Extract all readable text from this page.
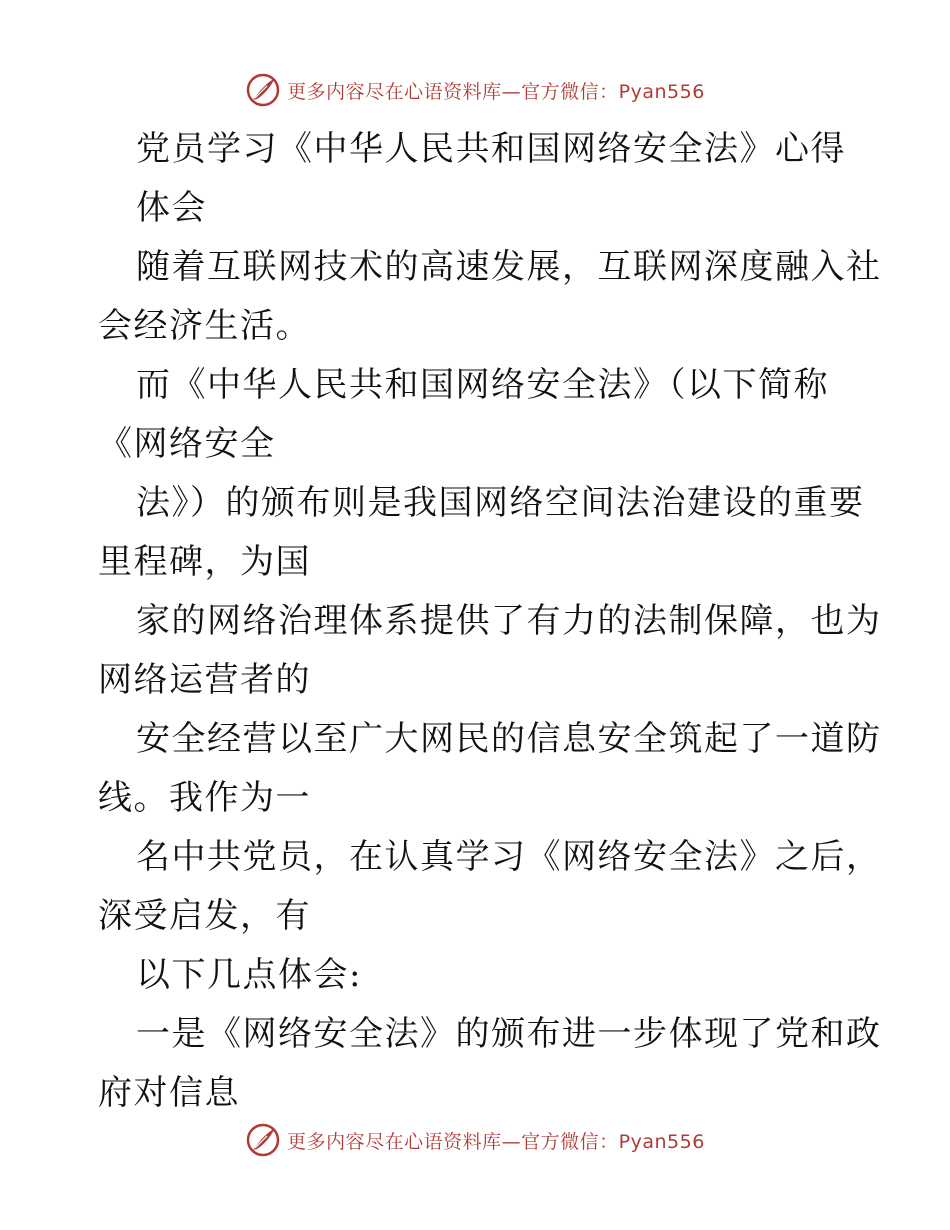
更多内容尽在心语资料库—官方微信：Pyan556
党员学习《中华人民共和国网络安全法》心得
体会
随着互联网技术的高速发展，互联网深度融入社
会经济生活。
而《中华人民共和国网络安全法》（以下简称
《网络安全
法》）的颁布则是我国网络空间法治建设的重要
里程碑，为国
家的网络治理体系提供了有力的法制保障，也为
网络运营者的
安全经营以至广大网民的信息安全筑起了一道防
线。我作为一
名中共党员，在认真学习《网络安全法》之后，
深受启发，有
以下几点体会:
一是《网络安全法》的颁布进一步体现了党和政
府对信息
更多内容尽在心语资料库—官方微信：Pyan556
